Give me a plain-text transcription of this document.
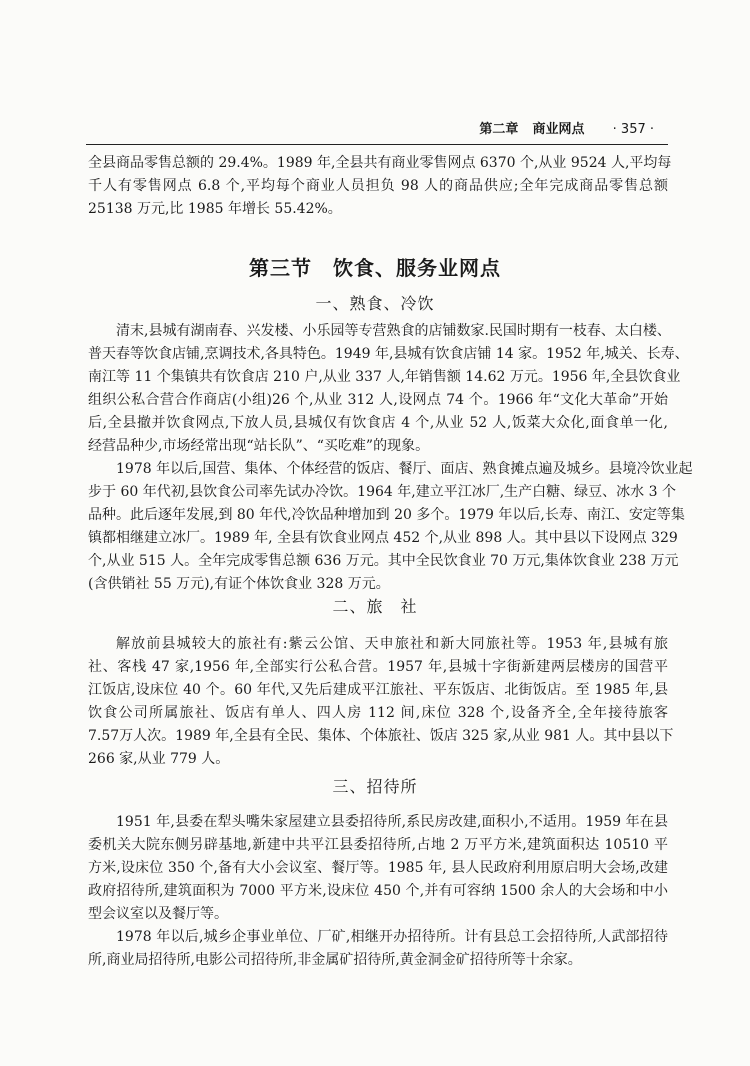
第二章 商业网点 · 357 ·
全县商品零售总额的 29.4%。1989 年,全县共有商业零售网点 6370 个,从业 9524 人,平均每
千人有零售网点 6.8 个,平均每个商业人员担负 98 人的商品供应;全年完成商品零售总额
25138 万元,比 1985 年增长 55.42%。
第三节　饮食、服务业网点
一、熟食、冷饮
清末,县城有湖南春、兴发楼、小乐园等专营熟食的店铺数家.民国时期有一枝春、太白楼、
普天春等饮食店铺,烹调技术,各具特色。1949 年,县城有饮食店铺 14 家。1952 年,城关、长寿、
南江等 11 个集镇共有饮食店 210 户,从业 337 人,年销售额 14.62 万元。1956 年,全县饮食业
组织公私合营合作商店(小组)26 个,从业 312 人,设网点 74 个。1966 年“文化大革命”开始
后,全县撤并饮食网点,下放人员,县城仅有饮食店 4 个,从业 52 人,饭菜大众化,面食单一化,
经营品种少,市场经常出现“站长队”、“买吃难”的现象。
1978 年以后,国营、集体、个体经营的饭店、餐厅、面店、熟食摊点遍及城乡。县境冷饮业起
步于 60 年代初,县饮食公司率先试办冷饮。1964 年,建立平江冰厂,生产白糖、绿豆、冰水 3 个
品种。此后逐年发展,到 80 年代,冷饮品种增加到 20 多个。1979 年以后,长寿、南江、安定等集
镇都相继建立冰厂。1989 年, 全县有饮食业网点 452 个,从业 898 人。其中县以下设网点 329
个,从业 515 人。全年完成零售总额 636 万元。其中全民饮食业 70 万元,集体饮食业 238 万元
(含供销社 55 万元),有证个体饮食业 328 万元。
二、旅　社
解放前县城较大的旅社有:紫云公馆、天申旅社和新大同旅社等。1953 年,县城有旅
社、客栈 47 家,1956 年,全部实行公私合营。1957 年,县城十字街新建两层楼房的国营平
江饭店,设床位 40 个。60 年代,又先后建成平江旅社、平东饭店、北街饭店。至 1985 年,县
饮食公司所属旅社、饭店有单人、四人房 112 间,床位 328 个,设备齐全,全年接待旅客
7.57万人次。1989 年,全县有全民、集体、个体旅社、饭店 325 家,从业 981 人。其中县以下
266 家,从业 779 人。
三、招待所
1951 年,县委在犁头嘴朱家屋建立县委招待所,系民房改建,面积小,不适用。1959 年在县
委机关大院东侧另辟基地,新建中共平江县委招待所,占地 2 万平方米,建筑面积达 10510 平
方米,设床位 350 个,备有大小会议室、餐厅等。1985 年, 县人民政府利用原启明大会场,改建
政府招待所,建筑面积为 7000 平方米,设床位 450 个,并有可容纳 1500 余人的大会场和中小
型会议室以及餐厅等。
1978 年以后,城乡企事业单位、厂矿,相继开办招待所。计有县总工会招待所,人武部招待
所,商业局招待所,电影公司招待所,非金属矿招待所,黄金洞金矿招待所等十余家。
